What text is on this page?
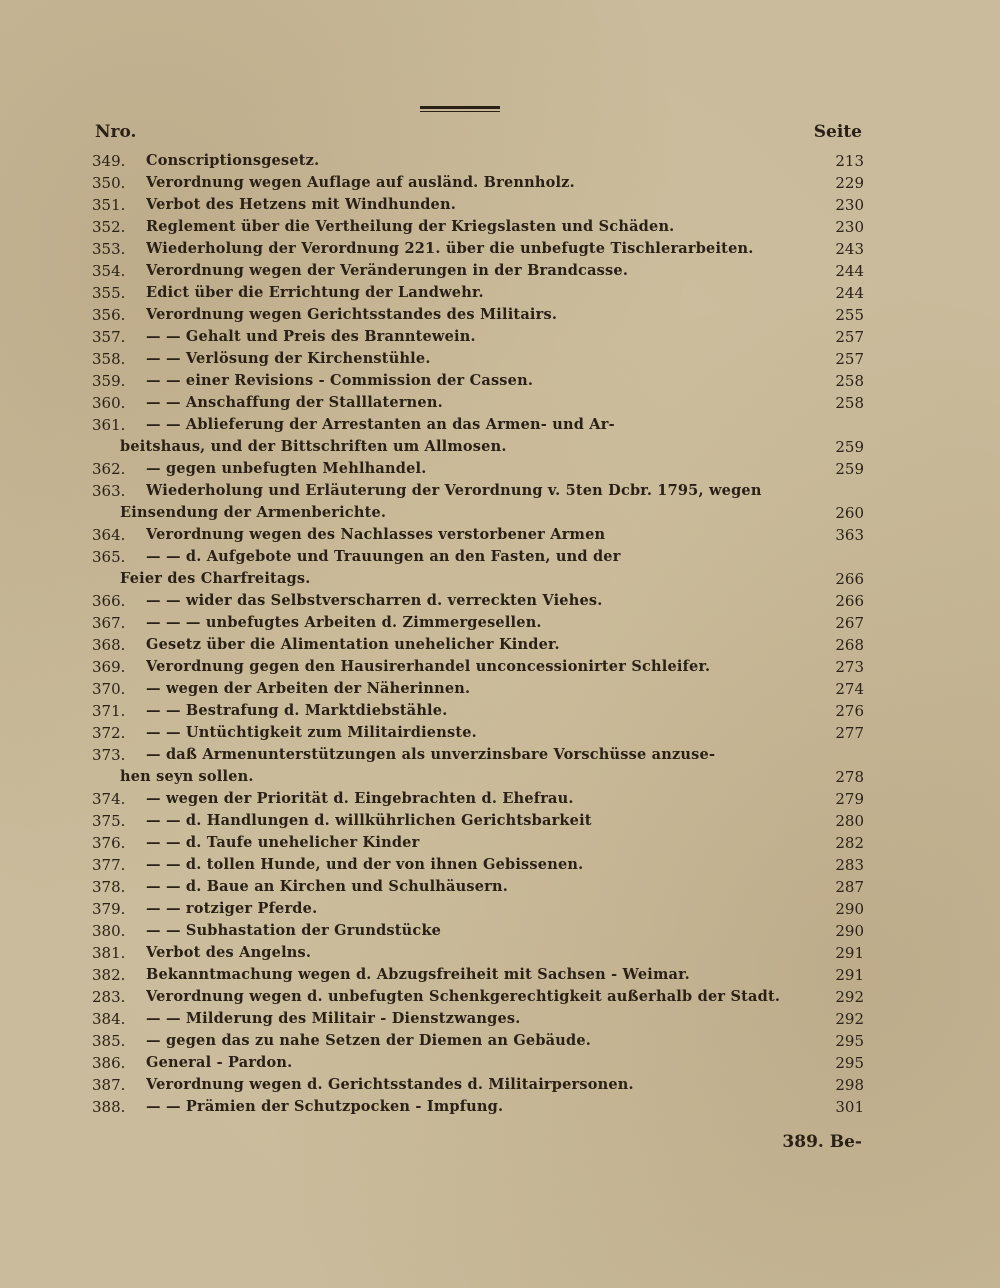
Nro.	Seite
349.	Conscriptionsgesetz.	213
350.	Verordnung wegen Auflage auf ausländ. Brennholz.	229
351.	Verbot des Hetzens mit Windhunden.	230
352.	Reglement über die Vertheilung der Kriegslasten und Schäden.	230
353.	Wiederholung der Verordnung 221. über die unbefugte Tischlerarbeiten.	243
354.	Verordnung wegen der Veränderungen in der Brandcasse.	244
355.	Edict über die Errichtung der Landwehr.	244
356.	Verordnung wegen Gerichtsstandes des Militairs.	255
357.	— — Gehalt und Preis des Branntewein.	257
358.	— — Verlösung der Kirchenstühle.	257
359.	— — einer Revisions - Commission der Cassen.	258
360.	— — Anschaffung der Stalllaternen.	258
361.	— — Ablieferung der Arrestanten an das Armen- und Ar-
beitshaus, und der Bittschriften um Allmosen.	259
362.	— gegen unbefugten Mehlhandel.	259
363.	Wiederholung und Erläuterung der Verordnung v. 5ten Dcbr. 1795, wegen
Einsendung der Armenberichte.	260
364.	Verordnung wegen des Nachlasses verstorbener Armen	363
365.	— — d. Aufgebote und Trauungen an den Fasten, und der
Feier des Charfreitags.	266
366.	— — wider das Selbstverscharren d. verreckten Viehes.	266
367.	— — — unbefugtes Arbeiten d. Zimmergesellen.	267
368.	Gesetz über die Alimentation unehelicher Kinder.	268
369.	Verordnung gegen den Hausirerhandel unconcessionirter Schleifer.	273
370.	— wegen der Arbeiten der Näherinnen.	274
371.	— — Bestrafung d. Marktdiebstähle.	276
372.	— — Untüchtigkeit zum Militairdienste.	277
373.	— daß Armenunterstützungen als unverzinsbare Vorschüsse anzuse-
hen seyn sollen.	278
374.	— wegen der Priorität d. Eingebrachten d. Ehefrau.	279
375.	— — d. Handlungen d. willkührlichen Gerichtsbarkeit	280
376.	— — d. Taufe unehelicher Kinder	282
377.	— — d. tollen Hunde, und der von ihnen Gebissenen.	283
378.	— — d. Baue an Kirchen und Schulhäusern.	287
379.	— — rotziger Pferde.	290
380.	— — Subhastation der Grundstücke	290
381.	Verbot des Angelns.	291
382.	Bekanntmachung wegen d. Abzugsfreiheit mit Sachsen - Weimar.	291
283.	Verordnung wegen d. unbefugten Schenkgerechtigkeit außerhalb der Stadt.	292
384.	— — Milderung des Militair - Dienstzwanges.	292
385.	— gegen das zu nahe Setzen der Diemen an Gebäude.	295
386.	General - Pardon.	295
387.	Verordnung wegen d. Gerichtsstandes d. Militairpersonen.	298
388.	— — Prämien der Schutzpocken - Impfung.	301
389. Be-
